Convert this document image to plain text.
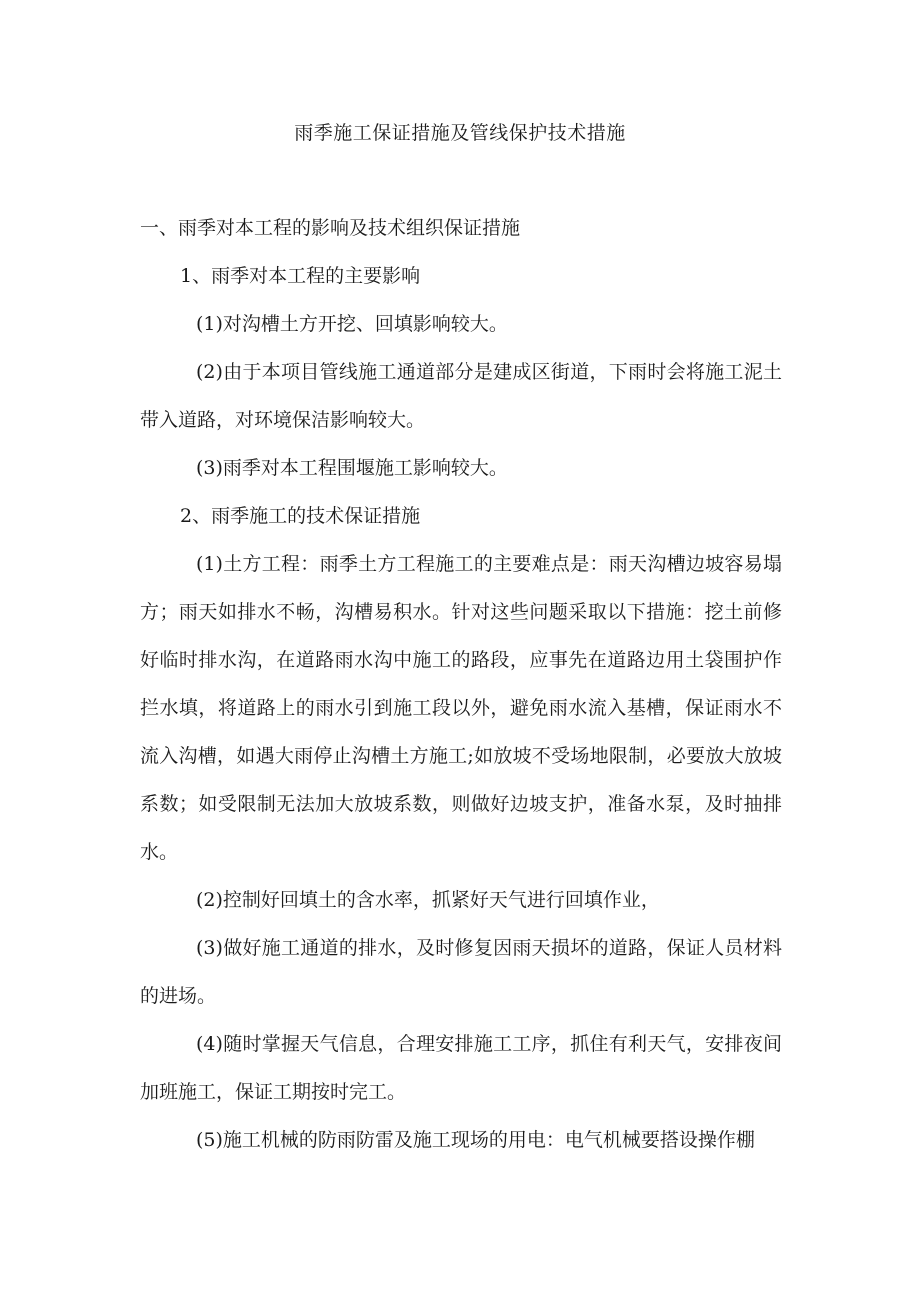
雨季施工保证措施及管线保护技术措施

一、雨季对本工程的影响及技术组织保证措施

1、雨季对本工程的主要影响

(1)对沟槽土方开挖、回填影响较大。

(2)由于本项目管线施工通道部分是建成区街道，下雨时会将施工泥土带入道路，对环境保洁影响较大。

(3)雨季对本工程围堰施工影响较大。

2、雨季施工的技术保证措施

(1)土方工程：雨季土方工程施工的主要难点是：雨天沟槽边坡容易塌方；雨天如排水不畅，沟槽易积水。针对这些问题采取以下措施：挖土前修好临时排水沟，在道路雨水沟中施工的路段，应事先在道路边用土袋围护作拦水填，将道路上的雨水引到施工段以外，避免雨水流入基槽，保证雨水不流入沟槽，如遇大雨停止沟槽土方施工;如放坡不受场地限制，必要放大放坡系数；如受限制无法加大放坡系数，则做好边坡支护，准备水泵，及时抽排水。

(2)控制好回填土的含水率，抓紧好天气进行回填作业，

(3)做好施工通道的排水，及时修复因雨天损坏的道路，保证人员材料的进场。

(4)随时掌握天气信息，合理安排施工工序，抓住有利天气，安排夜间加班施工，保证工期按时完工。

(5)施工机械的防雨防雷及施工现场的用电：电气机械要搭设操作棚
